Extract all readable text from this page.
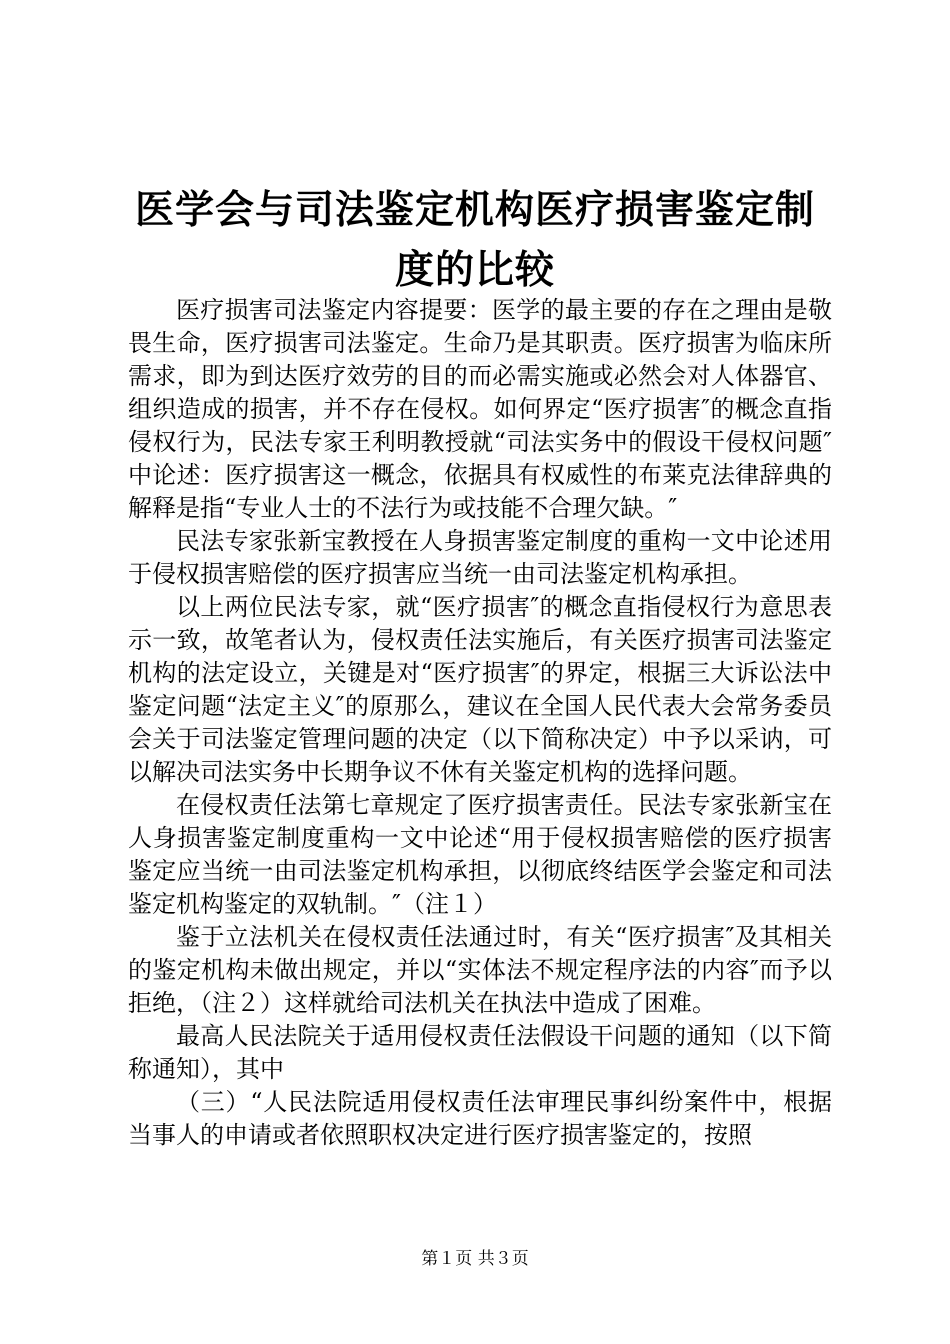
医学会与司法鉴定机构医疗损害鉴定制度的比较

医疗损害司法鉴定内容提要：医学的最主要的存在之理由是敬畏生命，医疗损害司法鉴定。生命乃是其职责。医疗损害为临床所需求，即为到达医疗效劳的目的而必需实施或必然会对人体器官、组织造成的损害，并不存在侵权。如何界定“医疗损害″的概念直指侵权行为，民法专家王利明教授就“司法实务中的假设干侵权问题″中论述：医疗损害这一概念，依据具有权威性的布莱克法律辞典的解释是指“专业人士的不法行为或技能不合理欠缺。″

民法专家张新宝教授在人身损害鉴定制度的重构一文中论述用于侵权损害赔偿的医疗损害应当统一由司法鉴定机构承担。

以上两位民法专家，就“医疗损害″的概念直指侵权行为意思表示一致，故笔者认为，侵权责任法实施后，有关医疗损害司法鉴定机构的法定设立，关键是对“医疗损害″的界定，根据三大诉讼法中鉴定问题“法定主义″的原那么，建议在全国人民代表大会常务委员会关于司法鉴定管理问题的决定（以下简称决定）中予以采讷，可以解决司法实务中长期争议不休有关鉴定机构的选择问题。

在侵权责任法第七章规定了医疗损害责任。民法专家张新宝在人身损害鉴定制度重构一文中论述“用于侵权损害赔偿的医疗损害鉴定应当统一由司法鉴定机构承担，以彻底终结医学会鉴定和司法鉴定机构鉴定的双轨制。″（注１）

鉴于立法机关在侵权责任法通过时，有关“医疗损害″及其相关的鉴定机构未做出规定，并以“实体法不规定程序法的内容″而予以拒绝，（注２）这样就给司法机关在执法中造成了困难。

最高人民法院关于适用侵权责任法假设干问题的通知（以下简称通知），其中

（三）“人民法院适用侵权责任法审理民事纠纷案件中，根据当事人的申请或者依照职权决定进行医疗损害鉴定的，按照

第１页 共３页
